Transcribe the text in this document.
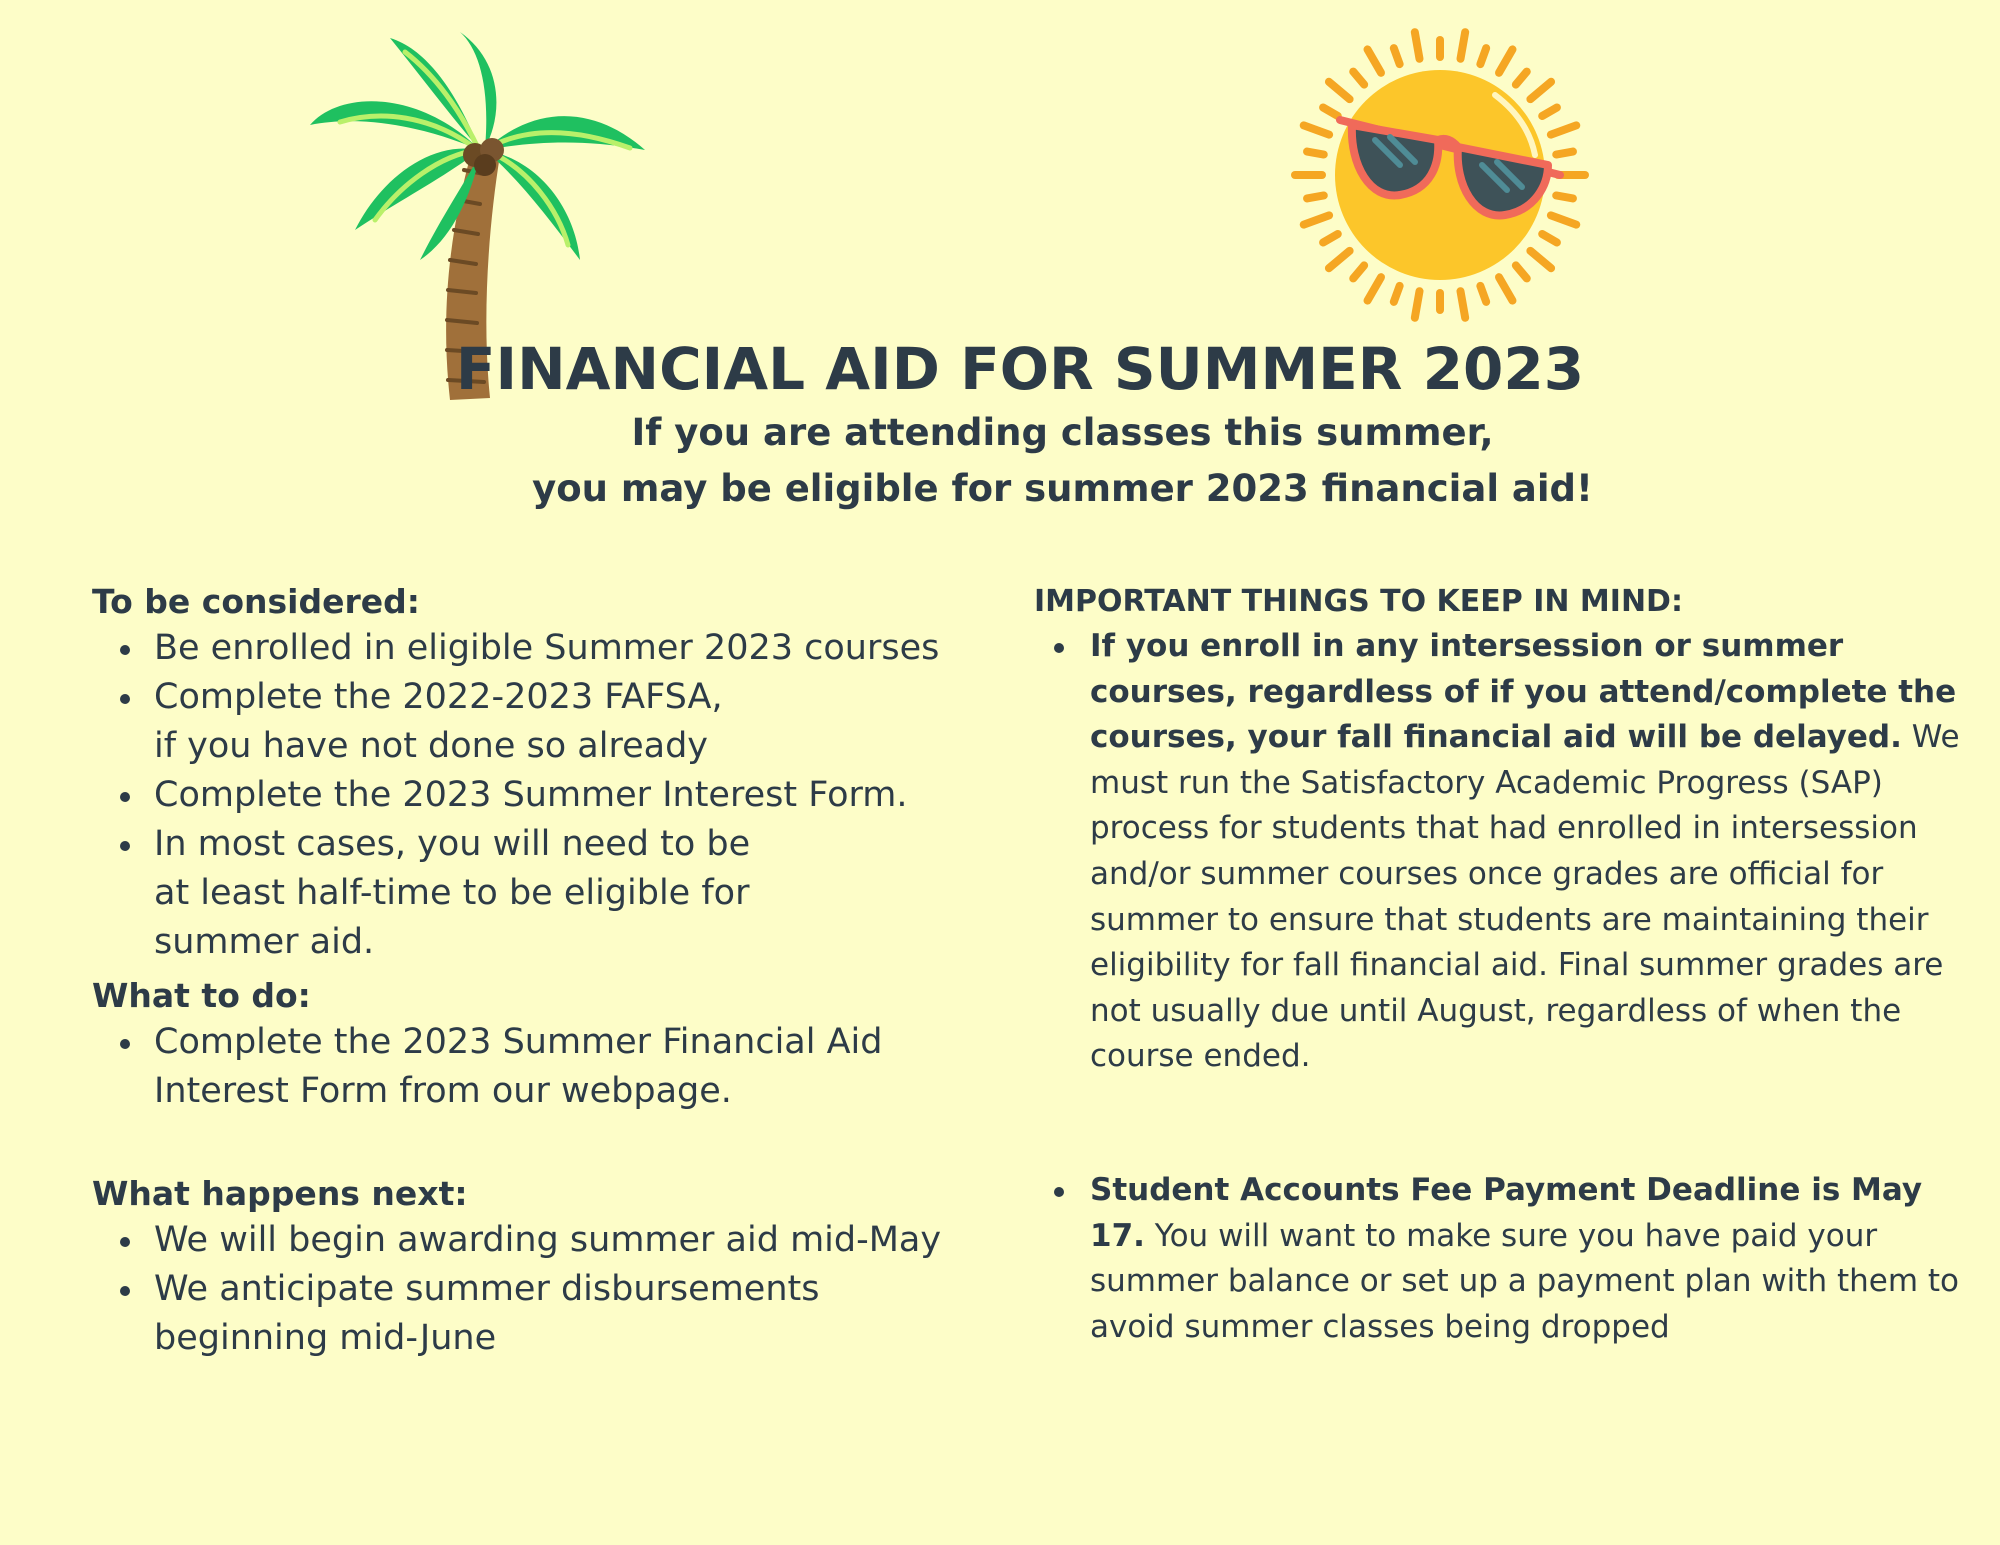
FINANCIAL AID FOR SUMMER 2023
If you are attending classes this summer,
you may be eligible for summer 2023 financial aid!

To be considered:

Be enrolled in eligible Summer 2023 courses
Complete the 2022-2023 FAFSA, if you have not done so already
Complete the 2023 Summer Interest Form.
In most cases, you will need to be at least half-time to be eligible for summer aid.

What to do:

Complete the 2023 Summer Financial Aid Interest Form from our webpage.

What happens next:

We will begin awarding summer aid mid-May
We anticipate summer disbursements beginning mid-June

IMPORTANT THINGS TO KEEP IN MIND:

If you enroll in any intersession or summer courses, regardless of if you attend/complete the courses, your fall financial aid will be delayed. We must run the Satisfactory Academic Progress (SAP) process for students that had enrolled in intersession and/or summer courses once grades are official for summer to ensure that students are maintaining their eligibility for fall financial aid. Final summer grades are not usually due until August, regardless of when the course ended.
Student Accounts Fee Payment Deadline is May 17. You will want to make sure you have paid your summer balance or set up a payment plan with them to avoid summer classes being dropped
